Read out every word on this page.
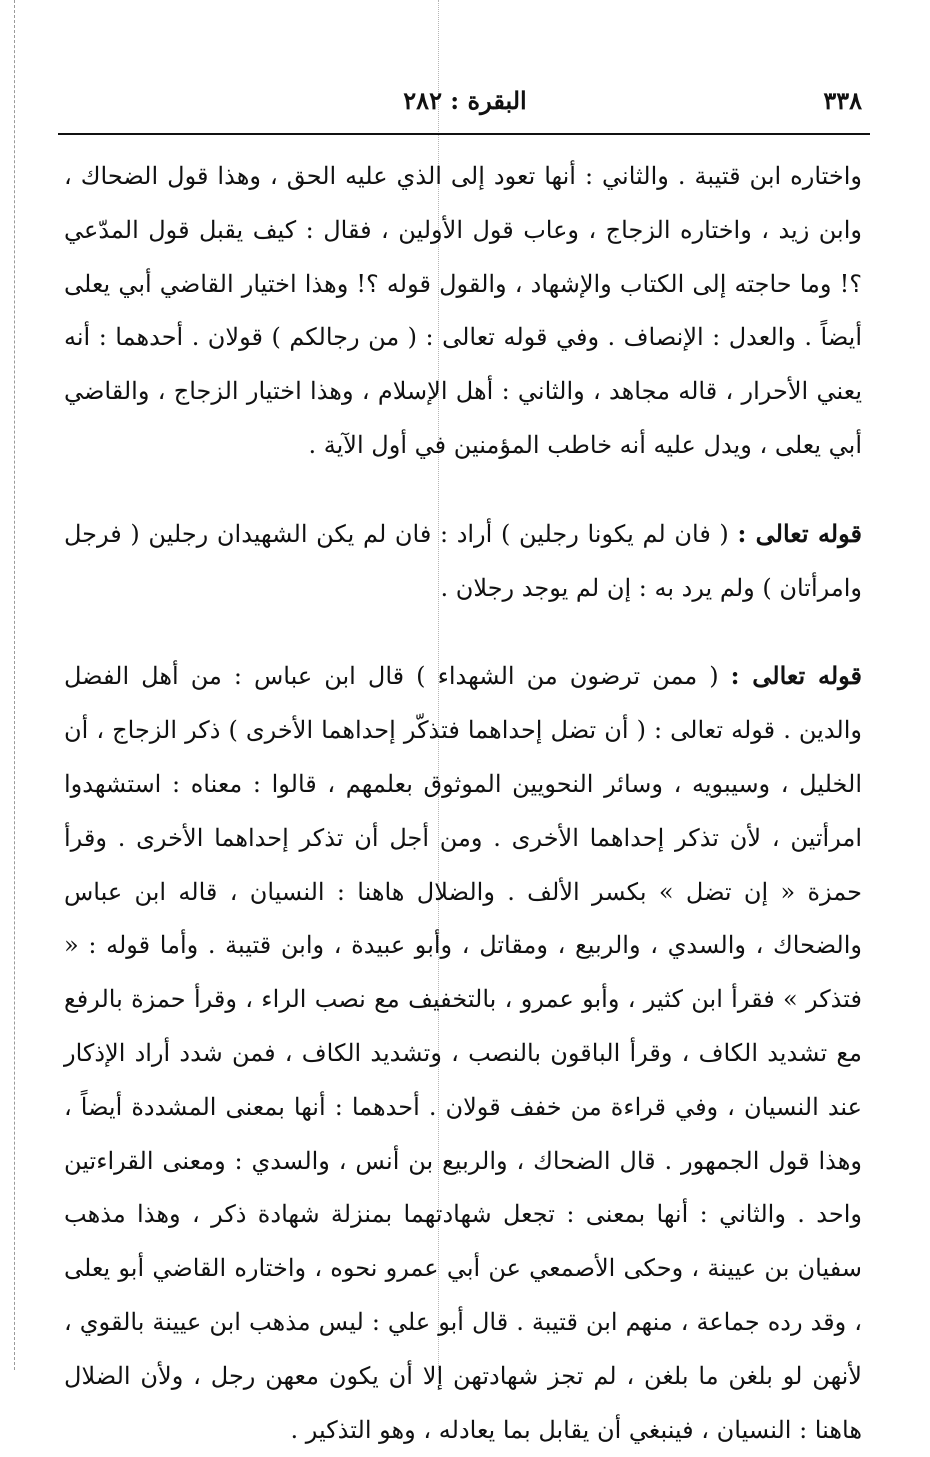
٣٣٨
البقرة : ٢٨٢

واختاره ابن قتيبة . والثاني : أنها تعود إلى الذي عليه الحق ، وهذا قول الضحاك ، وابن زيد ، واختاره الزجاج ، وعاب قول الأولين ، فقال : كيف يقبل قول المدّعي ؟! وما حاجته إلى الكتاب والإشهاد ، والقول قوله ؟! وهذا اختيار القاضي أبي يعلى أيضاً . والعدل : الإنصاف . وفي قوله تعالى : ( من رجالكم ) قولان . أحدهما : أنه يعني الأحرار ، قاله مجاهد ، والثاني : أهل الإسلام ، وهذا اختيار الزجاج ، والقاضي أبي يعلى ، ويدل عليه أنه خاطب المؤمنين في أول الآية .

قوله تعالى : ( فان لم يكونا رجلين ) أراد : فان لم يكن الشهيدان رجلين ( فرجل وامرأتان ) ولم يرد به : إن لم يوجد رجلان .

قوله تعالى : ( ممن ترضون من الشهداء ) قال ابن عباس : من أهل الفضل والدين . قوله تعالى : ( أن تضل إحداهما فتذكّر إحداهما الأخرى ) ذكر الزجاج ، أن الخليل ، وسيبويه ، وسائر النحويين الموثوق بعلمهم ، قالوا : معناه : استشهدوا امرأتين ، لأن تذكر إحداهما الأخرى . ومن أجل أن تذكر إحداهما الأخرى . وقرأ حمزة « إن تضل » بكسر الألف . والضلال هاهنا : النسيان ، قاله ابن عباس والضحاك ، والسدي ، والربيع ، ومقاتل ، وأبو عبيدة ، وابن قتيبة . وأما قوله : « فتذكر » فقرأ ابن كثير ، وأبو عمرو ، بالتخفيف مع نصب الراء ، وقرأ حمزة بالرفع مع تشديد الكاف ، وقرأ الباقون بالنصب ، وتشديد الكاف ، فمن شدد أراد الإذكار عند النسيان ، وفي قراءة من خفف قولان . أحدهما : أنها بمعنى المشددة أيضاً ، وهذا قول الجمهور . قال الضحاك ، والربيع بن أنس ، والسدي : ومعنى القراءتين واحد . والثاني : أنها بمعنى : تجعل شهادتهما بمنزلة شهادة ذكر ، وهذا مذهب سفيان بن عيينة ، وحكى الأصمعي عن أبي عمرو نحوه ، واختاره القاضي أبو يعلى ، وقد رده جماعة ، منهم ابن قتيبة . قال أبو علي : ليس مذهب ابن عيينة بالقوي ، لأنهن لو بلغن ما بلغن ، لم تجز شهادتهن إلا أن يكون معهن رجل ، ولأن الضلال هاهنا : النسيان ، فينبغي أن يقابل بما يعادله ، وهو التذكير .
